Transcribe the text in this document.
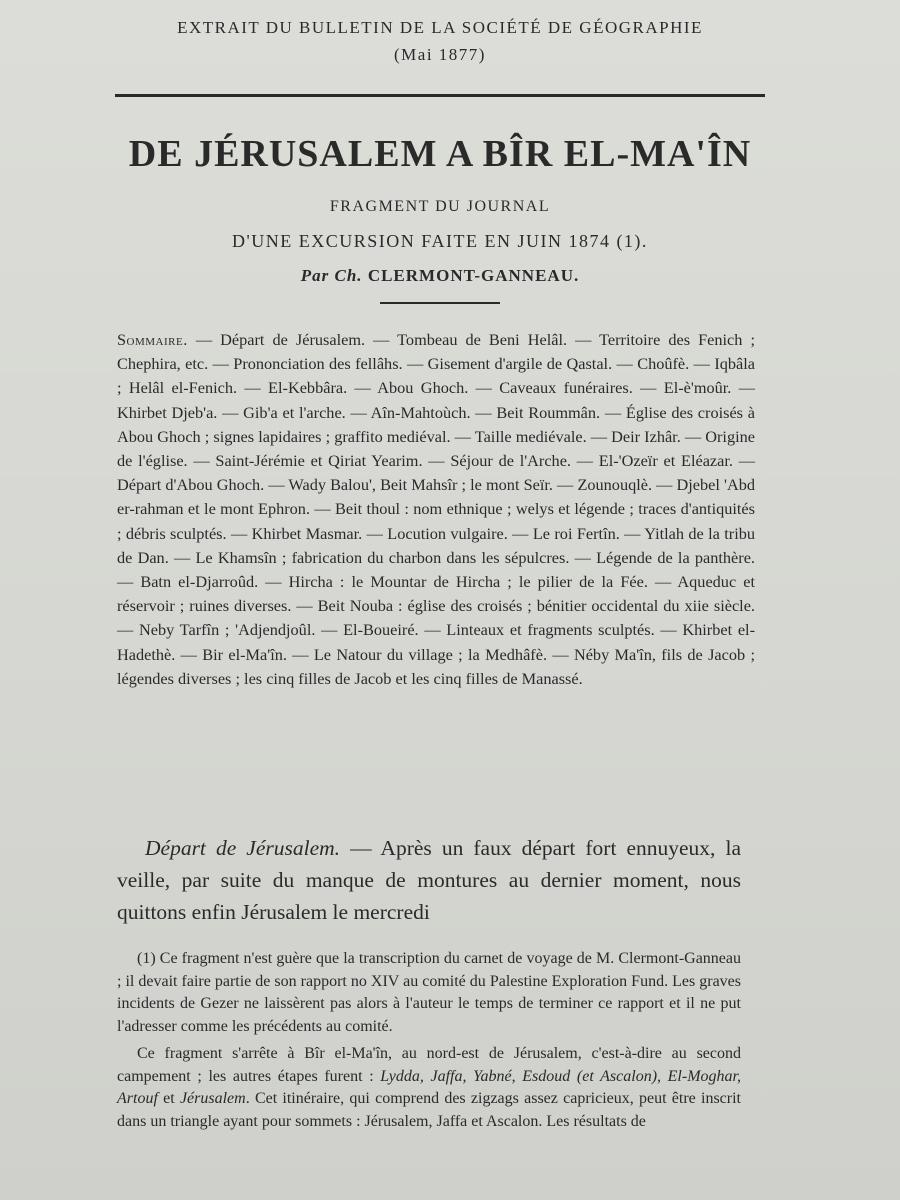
EXTRAIT DU BULLETIN DE LA SOCIÉTÉ DE GÉOGRAPHIE
(Mai 1877)
DE JÉRUSALEM A BÎR EL-MA'ÎN
FRAGMENT DU JOURNAL
D'UNE EXCURSION FAITE EN JUIN 1874 (1).
Par Ch. CLERMONT-GANNEAU.

Sommaire. — Départ de Jérusalem. — Tombeau de Beni Helâl. — Territoire des Fenich ; Chephira, etc. — Prononciation des fellâhs. — Gisement d'argile de Qastal. — Choûfè. — Iqbâla ; Helâl el-Fenich. — El-Kebbâra. — Abou Ghoch. — Caveaux funéraires. — El-è'moûr. — Khirbet Djeb'a. — Gib'a et l'arche. — Aîn-Mahtoùch. — Beit Roummân. — Église des croisés à Abou Ghoch ; signes lapidaires ; graffito mediéval. — Taille mediévale. — Deir Izhâr. — Origine de l'église. — Saint-Jérémie et Qiriat Yearim. — Séjour de l'Arche. — El-'Ozeïr et Eléazar. — Départ d'Abou Ghoch. — Wady Balou', Beit Mahsîr ; le mont Seïr. — Zounouqlè. — Djebel 'Abd er-rahman et le mont Ephron. — Beit thoul : nom ethnique ; welys et légende ; traces d'antiquités ; débris sculptés. — Khirbet Masmar. — Locution vulgaire. — Le roi Fertîn. — Yitlah de la tribu de Dan. — Le Khamsîn ; fabrication du charbon dans les sépulcres. — Légende de la panthère. — Batn el-Djarroûd. — Hircha : le Mountar de Hircha ; le pilier de la Fée. — Aqueduc et réservoir ; ruines diverses. — Beit Nouba : église des croisés ; bénitier occidental du xiie siècle. — Neby Tarfîn ; 'Adjendjoûl. — El-Boueiré. — Linteaux et fragments sculptés. — Khirbet el-Hadethè. — Bir el-Ma'în. — Le Natour du village ; la Medhâfè. — Néby Ma'în, fils de Jacob ; légendes diverses ; les cinq filles de Jacob et les cinq filles de Manassé.

Départ de Jérusalem. — Après un faux départ fort ennuyeux, la veille, par suite du manque de montures au dernier moment, nous quittons enfin Jérusalem le mercredi

(1) Ce fragment n'est guère que la transcription du carnet de voyage de M. Clermont-Ganneau ; il devait faire partie de son rapport no XIV au comité du Palestine Exploration Fund. Les graves incidents de Gezer ne laissèrent pas alors à l'auteur le temps de terminer ce rapport et il ne put l'adresser comme les précédents au comité.

Ce fragment s'arrête à Bîr el-Ma'în, au nord-est de Jérusalem, c'est-à-dire au second campement ; les autres étapes furent : Lydda, Jaffa, Yabné, Esdoud (et Ascalon), El-Moghar, Artouf et Jérusalem. Cet itinéraire, qui comprend des zigzags assez capricieux, peut être inscrit dans un triangle ayant pour sommets : Jérusalem, Jaffa et Ascalon. Les résultats de
